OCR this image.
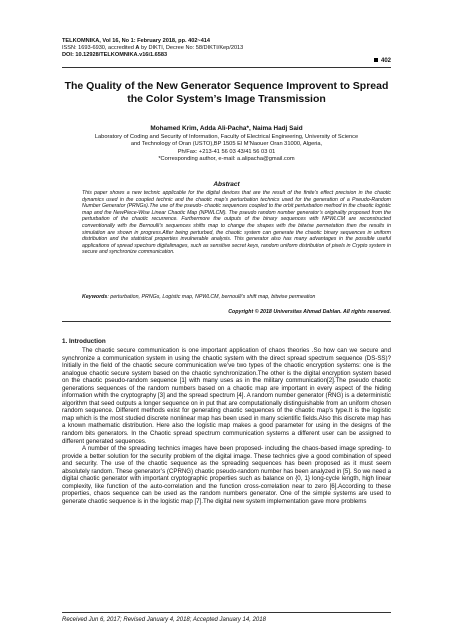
TELKOMNIKA, Vol 16, No 1: February 2018, pp. 402~414
ISSN: 1693-6930, accredited A by DIKTI, Decree No: 58/DIKTI/Kep/2013
DOI: 10.12928/TELKOMNIKA.v16i1.6583
402
The Quality of the New Generator Sequence Improvent to Spread the Color System’s Image Transmission
Mohamed Krim, Adda Ali-Pacha*, Naima Hadj Said
Laboratory of Coding and Security of Information, Faculty of Electrical Engineering, University of Science
and Technology of Oran (USTO),BP 1505 El M’Naouer Oran 31000, Algeria,
Ph/Fax: +213-41 56 03 43/41 56 03 01
*Corresponding author, e-mail: a.alipacha@gmail.com
Abstract
This paper shows a new technic applicable for the digital devices that are the result of the finite’s effect precision in the chaotic dynamics used in the coupled technic and the chaotic map’s perturbation technics used for the generation of a Pseudo-Random Number Generator (PRNGs).The use of the pseudo- chaotic sequences coupled to the orbit perturbation method in the chaotic logistic map and the NewPiece-Wise Linear Chaotic Map (NPWLCM). The pseudo random number generator’s originality proposed from the perturbation of the chaotic recurrence. Furthermore the outputs of the binary sequences with NPWLCM are reconstructed conventionally with the Bernoulli’s sequences shifts map to change the shapes with the bitwise permetation then the results in simulation are shown in progress.After being perturbed, the chaotic system can generate the chaotic binary sequences in uniform distribution and the statistical properties invulnerable analysis. This generator also has many advantages in the possible useful applications of spread spectrum digitalimages, such as sensitive secret keys, random uniform distribution of pixels in Crypto system in secure and synchronize communication.
Keywords: perturbation, PRNGs, Logistic map, NPWLCM, bernoulli’s shift map, bitwise permeation
Copyright © 2018 Universitas Ahmad Dahlan. All rights reserved.
1. Introduction

The chaotic secure communication is one important application of chaos theories .So how can we secure and synchronize a communication system in using the chaotic system with the direct spread spectrum sequence (DS-SS)? Initially in the field of the chaotic secure communication we’ve two types of the chaotic encryption systems: one is the analogue chaotic secure system based on the chaotic synchronization.The other is the digital encryption system based on the chaotic pseudo-random sequence [1] with many uses as in the military communication[2].The pseudo chaotic generations sequences of the random numbers based on a chaotic map are important in every aspect of the hiding information whith the cryptography [3] and the spread spectrum [4]. A random number generator (RNG) is a deterministic algorithm that seed outputs a longer sequence on in put that are computationally distinguishable from an uniform chosen random sequence. Different methods exist for generating chaotic sequences of the chaotic map’s type.It is the logistic map which is the most studied discrete nonlinear map has been used in many scientific fields.Also this discrete map has a known mathematic distribution. Here also the logistic map makes a good parameter for using in the designs of the random bits generators. In the Chaotic spread spectrum communication systems a different user can be assigned to different generated sequences.

A number of the spreading technics images have been proposed- including the chaos-based image spreding- to provide a better solution for the security problem of the digital image. These technics give a good combination of speed and security. The use of the chaotic sequence as the spreading sequences has been proposed as it must seem absolutely random. These generator’s (CPRNG) chaotic pseudo-random number has been analyzed in [5]. So we need a digital chaotic generator with important cryptographic properties such as balance on {0, 1} long-cycle length, high linear complexity, like function of the auto-correlation and the function cross-correlation near to zero [6].According to these properties, chaos sequence can be used as the random numbers generator. One of the simple systems are used to generate chaotic sequence is in the logistic map [7].The digital new system implementation gave more problems

Received Jun 6, 2017; Revised January 4, 2018; Accepted January 14, 2018
